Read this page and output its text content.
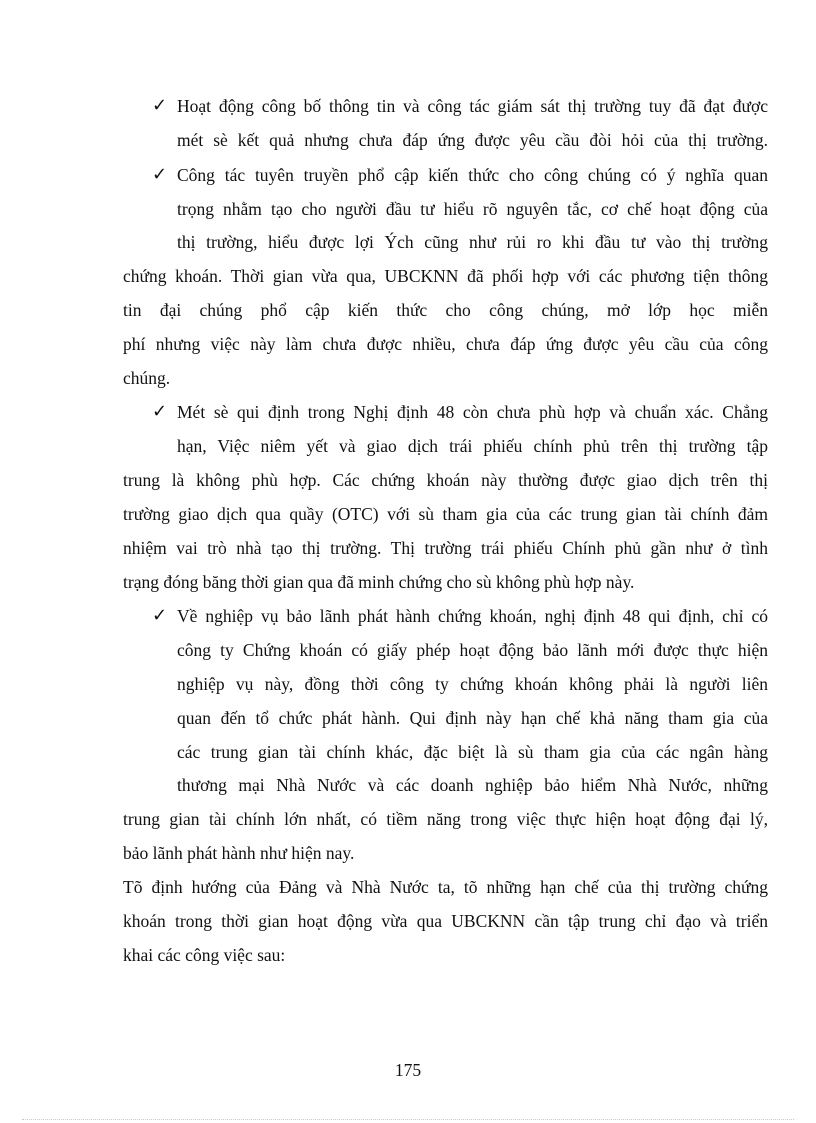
✓ Hoạt động công bố thông tin và công tác giám sát thị trường tuy đã đạt được
mét sè kết quả nhưng chưa đáp ứng được yêu cầu đòi hỏi của thị trường.
✓ Công tác tuyên truyền phổ cập kiến thức cho công chúng có ý nghĩa quan
trọng nhằm tạo cho người đầu tư hiểu rõ nguyên tắc, cơ chế hoạt động của
thị trường, hiểu được lợi Ých cũng như rủi ro khi đầu tư vào thị trường
chứng khoán. Thời gian vừa qua, UBCKNN đã phối hợp với các phương tiện thông
tin đại chúng phổ cập kiến thức cho công chúng, mở lớp học miễn
phí nhưng việc này làm chưa được nhiều, chưa đáp ứng được yêu cầu của công
chúng.
✓ Mét sè qui định trong Nghị định 48 còn chưa phù hợp và chuẩn xác. Chẳng
hạn, Việc niêm yết và giao dịch trái phiếu chính phủ trên thị trường tập
trung là không phù hợp. Các chứng khoán này thường được giao dịch trên thị
trường giao dịch qua quầy (OTC) với sù tham gia của các trung gian tài chính đảm
nhiệm vai trò nhà tạo thị trường. Thị trường trái phiếu Chính phủ gần như ở tình
trạng đóng băng thời gian qua đã minh chứng cho sù không phù hợp này.
✓ Về nghiệp vụ bảo lãnh phát hành chứng khoán, nghị định 48 qui định, chỉ có
công ty Chứng khoán có giấy phép hoạt động bảo lãnh mới được thực hiện
nghiệp vụ này, đồng thời công ty chứng khoán không phải là người liên
quan đến tổ chức phát hành. Qui định này hạn chế khả năng tham gia của
các trung gian tài chính khác, đặc biệt là sù tham gia của các ngân hàng
thương mại Nhà Nước và các doanh nghiệp bảo hiểm Nhà Nước, những
trung gian tài chính lớn nhất, có tiềm năng trong việc thực hiện hoạt động đại lý,
bảo lãnh phát hành như hiện nay.
Tõ định hướng của Đảng và Nhà Nước ta, tõ những hạn chế của thị trường chứng
khoán trong thời gian hoạt động vừa qua UBCKNN cần tập trung chỉ đạo và triển
khai các công việc sau:
175
